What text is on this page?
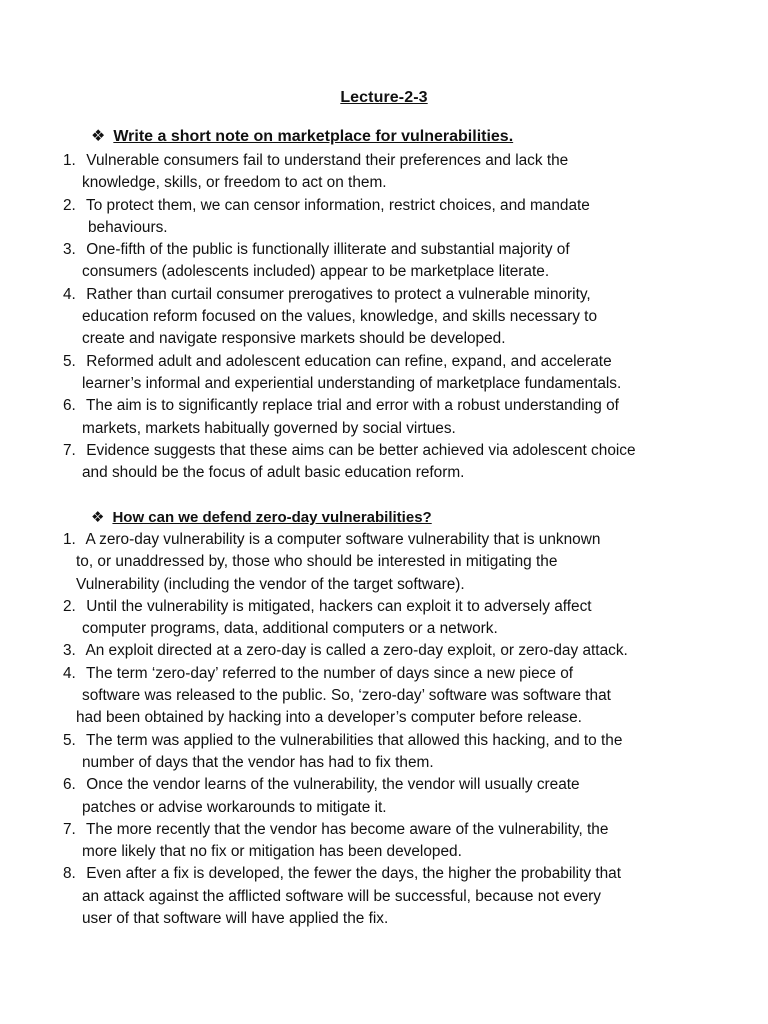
Lecture-2-3
❖ Write a short note on marketplace for vulnerabilities.
1. Vulnerable consumers fail to understand their preferences and lack the
knowledge, skills, or freedom to act on them.
2. To protect them, we can censor information, restrict choices, and mandate
behaviours.
3. One-fifth of the public is functionally illiterate and substantial majority of
consumers (adolescents included) appear to be marketplace literate.
4. Rather than curtail consumer prerogatives to protect a vulnerable minority,
education reform focused on the values, knowledge, and skills necessary to
create and navigate responsive markets should be developed.
5. Reformed adult and adolescent education can refine, expand, and accelerate
learner’s informal and experiential understanding of marketplace fundamentals.
6. The aim is to significantly replace trial and error with a robust understanding of
markets, markets habitually governed by social virtues.
7. Evidence suggests that these aims can be better achieved via adolescent choice
and should be the focus of adult basic education reform.
❖ How can we defend zero-day vulnerabilities?
1. A zero-day vulnerability is a computer software vulnerability that is unknown
to, or unaddressed by, those who should be interested in mitigating the
Vulnerability (including the vendor of the target software).
2. Until the vulnerability is mitigated, hackers can exploit it to adversely affect
computer programs, data, additional computers or a network.
3. An exploit directed at a zero-day is called a zero-day exploit, or zero-day attack.
4. The term ‘zero-day’ referred to the number of days since a new piece of
software was released to the public. So, ‘zero-day’ software was software that
had been obtained by hacking into a developer’s computer before release.
5. The term was applied to the vulnerabilities that allowed this hacking, and to the
number of days that the vendor has had to fix them.
6. Once the vendor learns of the vulnerability, the vendor will usually create
patches or advise workarounds to mitigate it.
7. The more recently that the vendor has become aware of the vulnerability, the
more likely that no fix or mitigation has been developed.
8. Even after a fix is developed, the fewer the days, the higher the probability that
an attack against the afflicted software will be successful, because not every
user of that software will have applied the fix.
